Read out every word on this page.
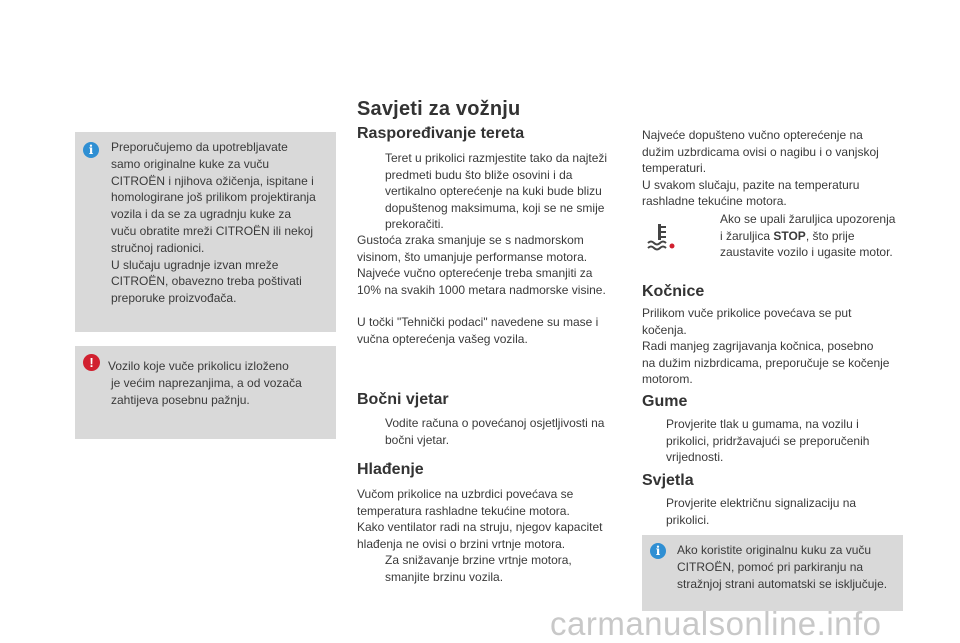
i	Preporučujemo da upotrebljavate
samo originalne kuke za vuču
CITROËN i njihova ožičenja, ispitane i
homologirane još prilikom projektiranja
vozila i da se za ugradnju kuke za
vuču obratite mreži CITROËN ili nekoj
stručnoj radionici.
U slučaju ugradnje izvan mreže
CITROËN, obavezno treba poštivati
preporuke proizvođača.
!	Vozilo koje vuče prikolicu izloženo
je većim naprezanjima, a od vozača
zahtijeva posebnu pažnju.
Savjeti za vožnju
Raspoređivanje tereta
Teret u prikolici razmjestite tako da najteži
predmeti budu što bliže osovini i da
vertikalno opterećenje na kuki bude blizu
dopuštenog maksimuma, koji se ne smije
prekoračiti.
Gustoća zraka smanjuje se s nadmorskom
visinom, što umanjuje performanse motora.
Najveće vučno opterećenje treba smanjiti za
10% na svakih 1000 metara nadmorske visine.
U točki "Tehnički podaci" navedene su mase i
vučna opterećenja vašeg vozila.
Bočni vjetar
Vodite računa o povećanoj osjetljivosti na
bočni vjetar.
Hlađenje
Vučom prikolice na uzbrdici povećava se
temperatura rashladne tekućine motora.
Kako ventilator radi na struju, njegov kapacitet
hlađenja ne ovisi o brzini vrtnje motora.
Za snižavanje brzine vrtnje motora,
smanjite brzinu vozila.
Najveće dopušteno vučno opterećenje na
dužim uzbrdicama ovisi o nagibu i o vanjskoj
temperaturi.
U svakom slučaju, pazite na temperaturu
rashladne tekućine motora.
Ako se upali žaruljica upozorenja
i žaruljica STOP, što prije
zaustavite vozilo i ugasite motor.
Kočnice
Prilikom vuče prikolice povećava se put
kočenja.
Radi manjeg zagrijavanja kočnica, posebno
na dužim nizbrdicama, preporučuje se kočenje
motorom.
Gume
Provjerite tlak u gumama, na vozilu i
prikolici, pridržavajući se preporučenih
vrijednosti.
Svjetla
Provjerite električnu signalizaciju na
prikolici.
i	Ako koristite originalnu kuku za vuču
CITROËN, pomoć pri parkiranju na
stražnjoj strani automatski se isključuje.
carmanualsonline.info
